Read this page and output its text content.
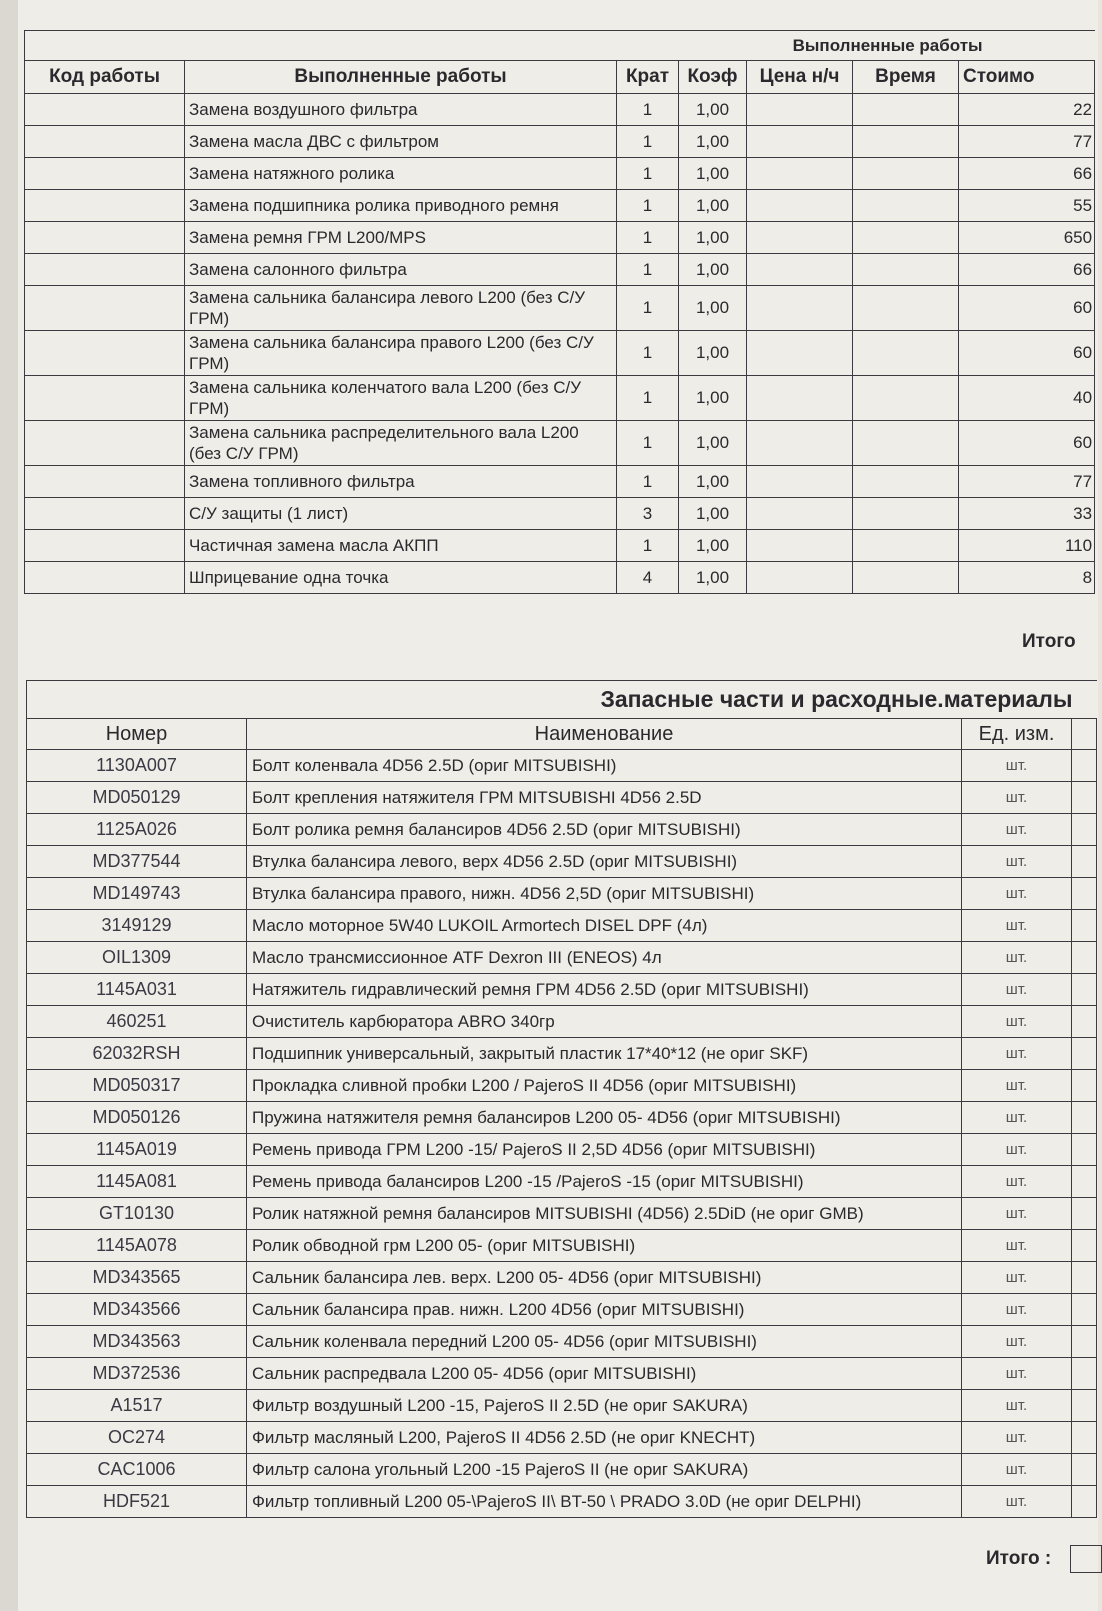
Выполненные работы						
Код работы	Выполненные работы	Крат	Коэф	Цена н/ч	Время	Стоимо
	Замена воздушного фильтра	1	1,00			22
	Замена масла ДВС с фильтром	1	1,00			77
	Замена натяжного ролика	1	1,00			66
	Замена подшипника ролика приводного ремня	1	1,00			55
	Замена ремня ГРМ L200/MPS	1	1,00			650
	Замена салонного фильтра	1	1,00			66
	Замена сальника балансира левого L200 (без С/У ГРМ)	1	1,00			60
	Замена сальника балансира правого L200 (без С/У ГРМ)	1	1,00			60
	Замена сальника коленчатого вала L200 (без С/У ГРМ)	1	1,00			40
	Замена сальника распределительного вала L200 (без С/У ГРМ)	1	1,00			60
	Замена топливного фильтра	1	1,00			77
	С/У защиты (1 лист)	3	1,00			33
	Частичная замена масла АКПП	1	1,00			110
	Шприцевание одна точка	4	1,00			8
Итого
Запасные части и расходные.материалы			
Номер	Наименование	Ед. изм.	
1130A007	Болт коленвала 4D56 2.5D (ориг MITSUBISHI)	шт.	
MD050129	Болт крепления натяжителя ГРМ MITSUBISHI 4D56 2.5D	шт.	
1125A026	Болт ролика ремня балансиров 4D56 2.5D (ориг MITSUBISHI)	шт.	
MD377544	Втулка балансира левого, верх 4D56 2.5D (ориг MITSUBISHI)	шт.	
MD149743	Втулка балансира правого, нижн. 4D56 2,5D (ориг MITSUBISHI)	шт.	
3149129	Масло моторное 5W40 LUKOIL Armortech DISEL DPF (4л)	шт.	
OIL1309	Масло трансмиссионное ATF Dexron III (ENEOS) 4л	шт.	
1145A031	Натяжитель гидравлический ремня ГРМ 4D56 2.5D (ориг MITSUBISHI)	шт.	
460251	Очиститель карбюратора ABRO 340гр	шт.	
62032RSH	Подшипник универсальный, закрытый пластик 17*40*12 (не ориг SKF)	шт.	
MD050317	Прокладка сливной пробки L200 / PajeroS II 4D56 (ориг MITSUBISHI)	шт.	
MD050126	Пружина натяжителя ремня балансиров L200 05- 4D56 (ориг MITSUBISHI)	шт.	
1145A019	Ремень привода ГРМ L200 -15/ PajeroS II 2,5D 4D56 (ориг MITSUBISHI)	шт.	
1145A081	Ремень привода балансиров L200 -15 /PajeroS -15 (ориг MITSUBISHI)	шт.	
GT10130	Ролик натяжной ремня балансиров MITSUBISHI (4D56) 2.5DiD (не ориг GMB)	шт.	
1145A078	Ролик обводной грм L200 05- (ориг MITSUBISHI)	шт.	
MD343565	Сальник балансира лев. верх. L200 05- 4D56 (ориг MITSUBISHI)	шт.	
MD343566	Сальник балансира прав. нижн. L200 4D56 (ориг MITSUBISHI)	шт.	
MD343563	Сальник коленвала передний L200 05- 4D56 (ориг MITSUBISHI)	шт.	
MD372536	Сальник распредвала L200 05- 4D56 (ориг MITSUBISHI)	шт.	
A1517	Фильтр воздушный L200 -15, PajeroS II 2.5D (не ориг SAKURA)	шт.	
OC274	Фильтр масляный L200, PajeroS II 4D56 2.5D (не ориг KNECHT)	шт.	
CAC1006	Фильтр салона угольный L200 -15 PajeroS II (не ориг SAKURA)	шт.	
HDF521	Фильтр топливный L200 05-\PajeroS II\ BT-50 \ PRADO 3.0D (не ориг DELPHI)	шт.	
Итого :
